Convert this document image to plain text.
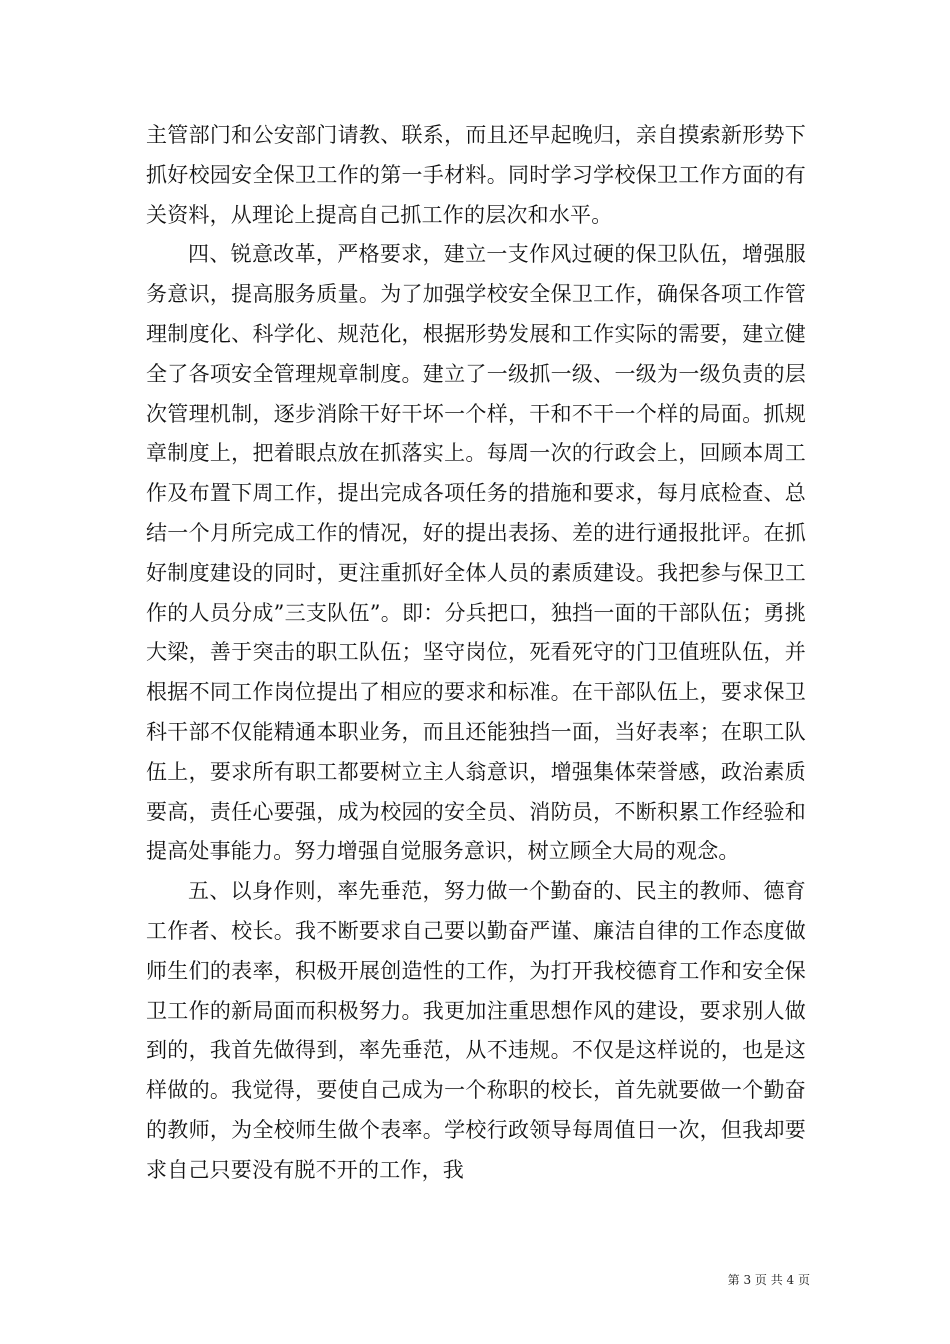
主管部门和公安部门请教、联系，而且还早起晚归，亲自摸索新形势下抓好校园安全保卫工作的第一手材料。同时学习学校保卫工作方面的有关资料，从理论上提高自己抓工作的层次和水平。

四、锐意改革，严格要求，建立一支作风过硬的保卫队伍，增强服务意识，提高服务质量。为了加强学校安全保卫工作，确保各项工作管理制度化、科学化、规范化，根据形势发展和工作实际的需要，建立健全了各项安全管理规章制度。建立了一级抓一级、一级为一级负责的层次管理机制，逐步消除干好干坏一个样，干和不干一个样的局面。抓规章制度上，把着眼点放在抓落实上。每周一次的行政会上，回顾本周工作及布置下周工作，提出完成各项任务的措施和要求，每月底检查、总结一个月所完成工作的情况，好的提出表扬、差的进行通报批评。在抓好制度建设的同时，更注重抓好全体人员的素质建设。我把参与保卫工作的人员分成”三支队伍”。即：分兵把口，独挡一面的干部队伍；勇挑大梁，善于突击的职工队伍；坚守岗位，死看死守的门卫值班队伍，并根据不同工作岗位提出了相应的要求和标准。在干部队伍上，要求保卫科干部不仅能精通本职业务，而且还能独挡一面，当好表率；在职工队伍上，要求所有职工都要树立主人翁意识，增强集体荣誉感，政治素质要高，责任心要强，成为校园的安全员、消防员，不断积累工作经验和提高处事能力。努力增强自觉服务意识，树立顾全大局的观念。

五、以身作则，率先垂范，努力做一个勤奋的、民主的教师、德育工作者、校长。我不断要求自己要以勤奋严谨、廉洁自律的工作态度做师生们的表率，积极开展创造性的工作，为打开我校德育工作和安全保卫工作的新局面而积极努力。我更加注重思想作风的建设，要求别人做到的，我首先做得到，率先垂范，从不违规。不仅是这样说的，也是这样做的。我觉得，要使自己成为一个称职的校长，首先就要做一个勤奋的教师，为全校师生做个表率。学校行政领导每周值日一次，但我却要求自己只要没有脱不开的工作，我

第 3 页 共 4 页
